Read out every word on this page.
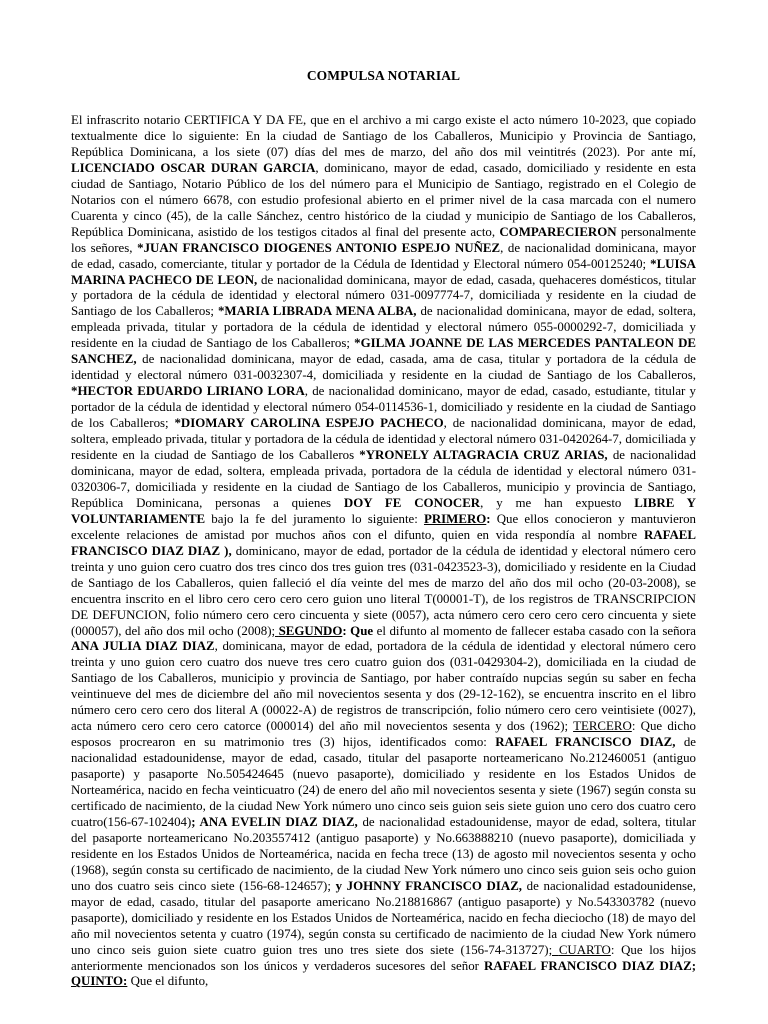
COMPULSA NOTARIAL

El infrascrito notario CERTIFICA Y DA FE, que en el archivo a mi cargo existe el acto número 10-2023, que copiado textualmente dice lo siguiente: En la ciudad de Santiago de los Caballeros, Municipio y Provincia de Santiago, República Dominicana, a los siete (07) días del mes de marzo, del año dos mil veintitrés (2023). Por ante mí, LICENCIADO OSCAR DURAN GARCIA, dominicano, mayor de edad, casado, domiciliado y residente en esta ciudad de Santiago, Notario Público de los del número para el Municipio de Santiago, registrado en el Colegio de Notarios con el número 6678, con estudio profesional abierto en el primer nivel de la casa marcada con el numero Cuarenta y cinco (45), de la calle Sánchez, centro histórico de la ciudad y municipio de Santiago de los Caballeros, República Dominicana, asistido de los testigos citados al final del presente acto, COMPARECIERON personalmente los señores, *JUAN FRANCISCO DIOGENES ANTONIO ESPEJO NUÑEZ, de nacionalidad dominicana, mayor de edad, casado, comerciante, titular y portador de la Cédula de Identidad y Electoral número 054-00125240; *LUISA MARINA PACHECO DE LEON, de nacionalidad dominicana, mayor de edad, casada, quehaceres domésticos, titular y portadora de la cédula de identidad y electoral número 031-0097774-7, domiciliada y residente en la ciudad de Santiago de los Caballeros; *MARIA LIBRADA MENA ALBA, de nacionalidad dominicana, mayor de edad, soltera, empleada privada, titular y portadora de la cédula de identidad y electoral número 055-0000292-7, domiciliada y residente en la ciudad de Santiago de los Caballeros; *GILMA JOANNE DE LAS MERCEDES PANTALEON DE SANCHEZ, de nacionalidad dominicana, mayor de edad, casada, ama de casa, titular y portadora de la cédula de identidad y electoral número 031-0032307-4, domiciliada y residente en la ciudad de Santiago de los Caballeros, *HECTOR EDUARDO LIRIANO LORA, de nacionalidad dominicano, mayor de edad, casado, estudiante, titular y portador de la cédula de identidad y electoral número 054-0114536-1, domiciliado y residente en la ciudad de Santiago de los Caballeros; *DIOMARY CAROLINA ESPEJO PACHECO, de nacionalidad dominicana, mayor de edad, soltera, empleado privada, titular y portadora de la cédula de identidad y electoral número 031-0420264-7, domiciliada y residente en la ciudad de Santiago de los Caballeros *YRONELY ALTAGRACIA CRUZ ARIAS, de nacionalidad dominicana, mayor de edad, soltera, empleada privada, portadora de la cédula de identidad y electoral número 031-0320306-7, domiciliada y residente en la ciudad de Santiago de los Caballeros, municipio y provincia de Santiago, República Dominicana, personas a quienes DOY FE CONOCER, y me han expuesto LIBRE Y VOLUNTARIAMENTE bajo la fe del juramento lo siguiente: PRIMERO: Que ellos conocieron y mantuvieron excelente relaciones de amistad por muchos años con el difunto, quien en vida respondía al nombre RAFAEL FRANCISCO DIAZ DIAZ ), dominicano, mayor de edad, portador de la cédula de identidad y electoral número cero treinta y uno guion cero cuatro dos tres cinco dos tres guion tres (031-0423523-3), domiciliado y residente en la Ciudad de Santiago de los Caballeros, quien falleció el día veinte del mes de marzo del año dos mil ocho (20-03-2008), se encuentra inscrito en el libro cero cero cero cero guion uno literal T(00001-T), de los registros de TRANSCRIPCION DE DEFUNCION, folio número cero cero cincuenta y siete (0057), acta número cero cero cero cero cincuenta y siete (000057), del año dos mil ocho (2008); SEGUNDO: Que el difunto al momento de fallecer estaba casado con la señora ANA JULIA DIAZ DIAZ, dominicana, mayor de edad, portadora de la cédula de identidad y electoral número cero treinta y uno guion cero cuatro dos nueve tres cero cuatro guion dos (031-0429304-2), domiciliada en la ciudad de Santiago de los Caballeros, municipio y provincia de Santiago, por haber contraído nupcias según su saber en fecha veintinueve del mes de diciembre del año mil novecientos sesenta y dos (29-12-162), se encuentra inscrito en el libro número cero cero cero dos literal A (00022-A) de registros de transcripción, folio número cero cero veintisiete (0027), acta número cero cero cero catorce (000014) del año mil novecientos sesenta y dos (1962); TERCERO: Que dicho esposos procrearon en su matrimonio tres (3) hijos, identificados como: RAFAEL FRANCISCO DIAZ, de nacionalidad estadounidense, mayor de edad, casado, titular del pasaporte norteamericano No.212460051 (antiguo pasaporte) y pasaporte No.505424645 (nuevo pasaporte), domiciliado y residente en los Estados Unidos de Norteamérica, nacido en fecha veinticuatro (24) de enero del año mil novecientos sesenta y siete (1967) según consta su certificado de nacimiento, de la ciudad New York número uno cinco seis guion seis siete guion uno cero dos cuatro cero cuatro(156-67-102404); ANA EVELIN DIAZ DIAZ, de nacionalidad estadounidense, mayor de edad, soltera, titular del pasaporte norteamericano No.203557412 (antiguo pasaporte) y No.663888210 (nuevo pasaporte), domiciliada y residente en los Estados Unidos de Norteamérica, nacida en fecha trece (13) de agosto mil novecientos sesenta y ocho (1968), según consta su certificado de nacimiento, de la ciudad New York número uno cinco seis guion seis ocho guion uno dos cuatro seis cinco siete (156-68-124657); y JOHNNY FRANCISCO DIAZ, de nacionalidad estadounidense, mayor de edad, casado, titular del pasaporte americano No.218816867 (antiguo pasaporte) y No.543303782 (nuevo pasaporte), domiciliado y residente en los Estados Unidos de Norteamérica, nacido en fecha dieciocho (18) de mayo del año mil novecientos setenta y cuatro (1974), según consta su certificado de nacimiento de la ciudad New York número uno cinco seis guion siete cuatro guion tres uno tres siete dos siete (156-74-313727); CUARTO: Que los hijos anteriormente mencionados son los únicos y verdaderos sucesores del señor RAFAEL FRANCISCO DIAZ DIAZ; QUINTO: Que el difunto,
